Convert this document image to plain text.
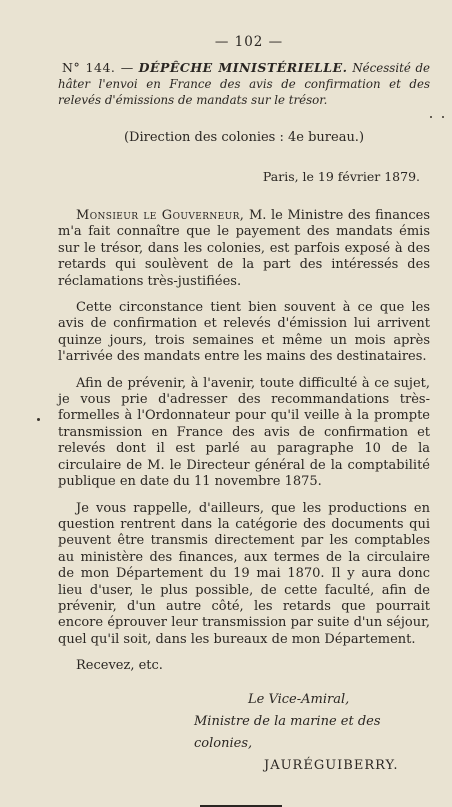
— 102 —
N° 144. — DÉPÊCHE MINISTÉRIELLE. Nécessité de hâter l'envoi en France des avis de confirmation et des relevés d'émissions de mandats sur le trésor.
(Direction des colonies : 4e bureau.)
Paris, le 19 février 1879.

Monsieur le Gouverneur, M. le Ministre des finances m'a fait connaître que le payement des mandats émis sur le trésor, dans les colonies, est parfois exposé à des retards qui soulèvent de la part des intéressés des réclamations très-justifiées.

Cette circonstance tient bien souvent à ce que les avis de confirmation et relevés d'émission lui arrivent quinze jours, trois semaines et même un mois après l'arrivée des mandats entre les mains des destinataires.

Afin de prévenir, à l'avenir, toute difficulté à ce sujet, je vous prie d'adresser des recommandations très-formelles à l'Ordonnateur pour qu'il veille à la prompte transmission en France des avis de confirmation et relevés dont il est parlé au paragraphe 10 de la circulaire de M. le Directeur général de la comptabilité publique en date du 11 novembre 1875.

Je vous rappelle, d'ailleurs, que les productions en question rentrent dans la catégorie des documents qui peuvent être transmis directement par les comptables au ministère des finances, aux termes de la circulaire de mon Département du 19 mai 1870. Il y aura donc lieu d'user, le plus possible, de cette faculté, afin de prévenir, d'un autre côté, les retards que pourrait encore éprouver leur transmission par suite d'un séjour, quel qu'il soit, dans les bureaux de mon Département.

Recevez, etc.
Le Vice-Amiral,
Ministre de la marine et des colonies,
JAURÉGUIBERRY.
